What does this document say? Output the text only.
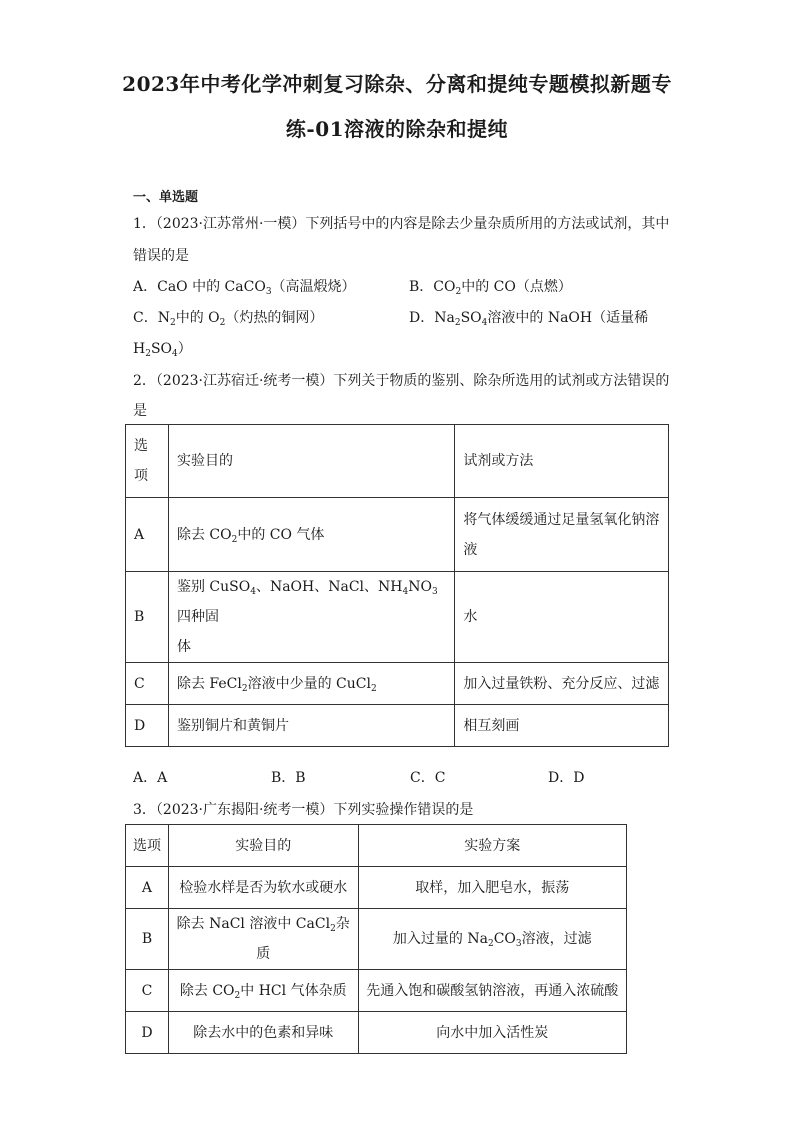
2023年中考化学冲刺复习除杂、分离和提纯专题模拟新题专
练-01溶液的除杂和提纯
一、单选题
1．（2023·江苏常州·一模）下列括号中的内容是除去少量杂质所用的方法或试剂，其中
错误的是
A．CaO 中的 CaCO$_3$（高温煅烧）	B．$CO_2$中的 CO（点燃）
C．$N_2$中的 $O_2$（灼热的铜网）	D．$Na_2SO_4$溶液中的 NaOH（适量稀
$H_2SO_4$）
2．（2023·江苏宿迁·统考一模）下列关于物质的鉴别、除杂所选用的试剂或方法错误的
是
选
项	实验目的	试剂或方法
A	除去 $CO_2$中的 CO 气体	将气体缓缓通过足量氢氧化钠溶
液
B	鉴别 CuSO$_4$、NaOH、NaCl、$NH_4NO_3$四种固
体	水
C	除去 FeCl$_2$溶液中少量的 CuCl$_2$	加入过量铁粉、充分反应、过滤
D	鉴别铜片和黄铜片	相互刻画
A．A	B．B	C．C	D．D
3．（2023·广东揭阳·统考一模）下列实验操作错误的是
选项	实验目的	实验方案
A	检验水样是否为软水或硬水	取样，加入肥皂水，振荡
B	除去 NaCl 溶液中 CaCl$_2$杂质	加入过量的 $Na_2CO_3$溶液，过滤
C	除去 $CO_2$中 HCl 气体杂质	先通入饱和碳酸氢钠溶液，再通入浓硫酸
D	除去水中的色素和异味	向水中加入活性炭
